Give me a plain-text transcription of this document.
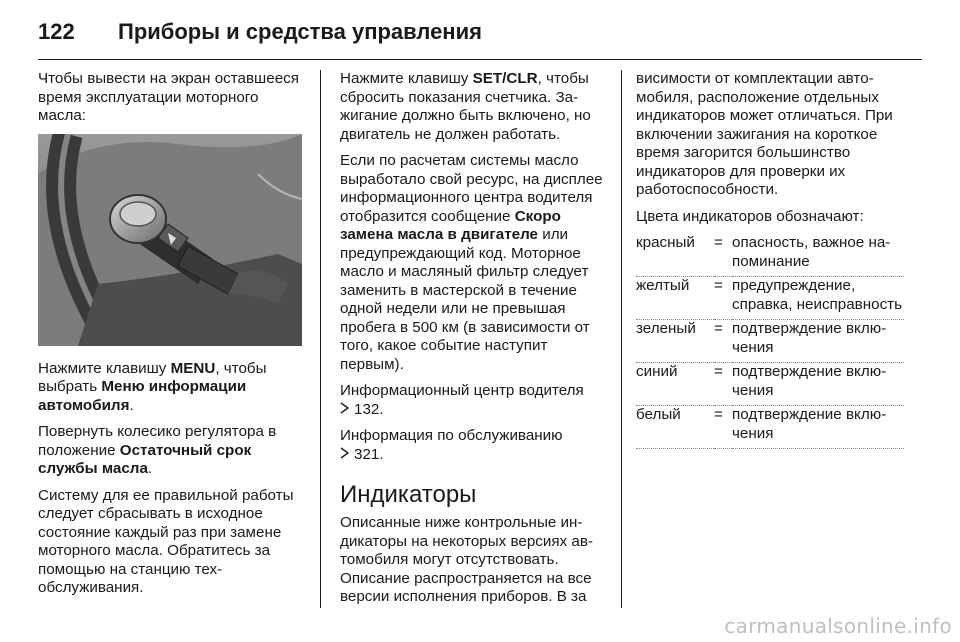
122	Приборы и средства управления

Чтобы вывести на экран оставшееся время эксплуатации моторного масла:

Нажмите клавишу MENU, чтобы выбрать Меню информации автомобиля.

Повернуть колесико регулятора в положение Остаточный срок службы масла.

Систему для ее правильной работы следует сбрасывать в исходное состояние каждый раз при замене моторного масла. Обратитесь за помощью на станцию техобслуживания.

Нажмите клавишу SET/CLR, чтобы сбросить показания счетчика. Зажигание должно быть включено, но двигатель не должен работать.

Если по расчетам системы масло выработало свой ресурс, на дисплее информационного центра водителя отобразится сообщение Скоро замена масла в двигателе или предупреждающий код. Моторное масло и масляный фильтр следует заменить в мастерской в течение одной недели или не превышая пробега в 500 км (в зависимости от того, какое событие наступит первым).

Информационный центр водителя
132.

Информация по обслуживанию
321.

Индикаторы

Описанные ниже контрольные индикаторы на некоторых версиях автомобиля могут отсутствовать. Описание распространяется на все версии исполнения приборов. В за

висимости от комплектации автомобиля, расположение отдельных индикаторов может отличаться. При включении зажигания на короткое время загорится большинство индикаторов для проверки их работоспособности.

Цвета индикаторов обозначают:

красный	=	опасность, важное напоминание
желтый	=	предупреждение, справка, неисправность
зеленый	=	подтверждение включения
синий	=	подтверждение включения
белый	=	подтверждение включения
carmanualsonline.info
